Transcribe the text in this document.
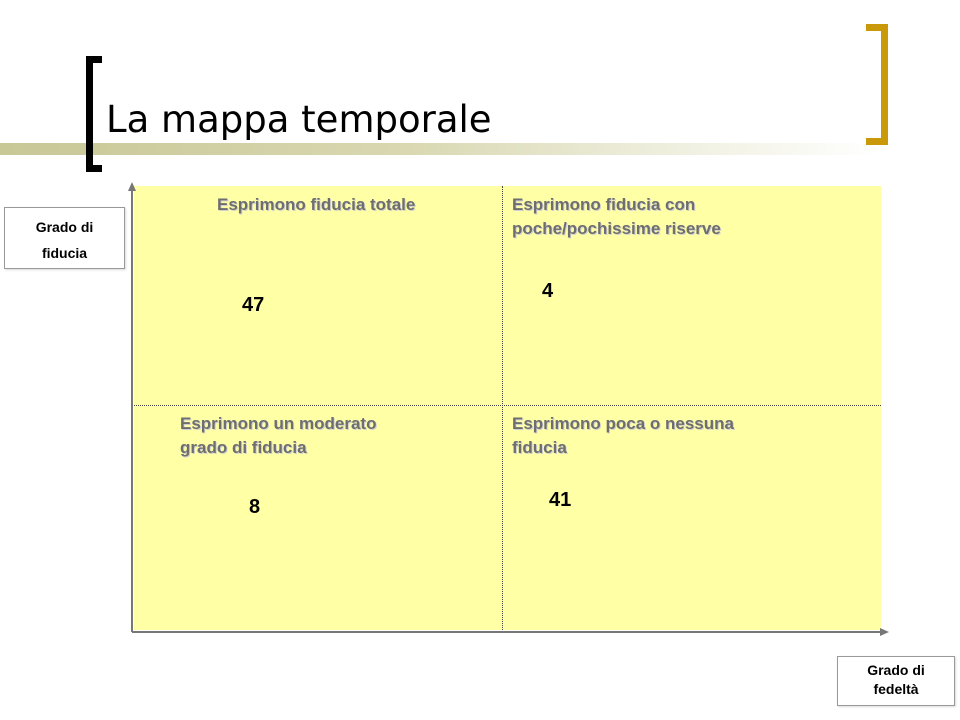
La mappa temporale

Esprimono fiducia totale

47

Esprimono fiducia con
poche/pochissime riserve

4

Esprimono un moderato
grado di fiducia

8

Esprimono poca o nessuna
fiducia

41

Grado di
fiducia
Grado di
fedeltà
